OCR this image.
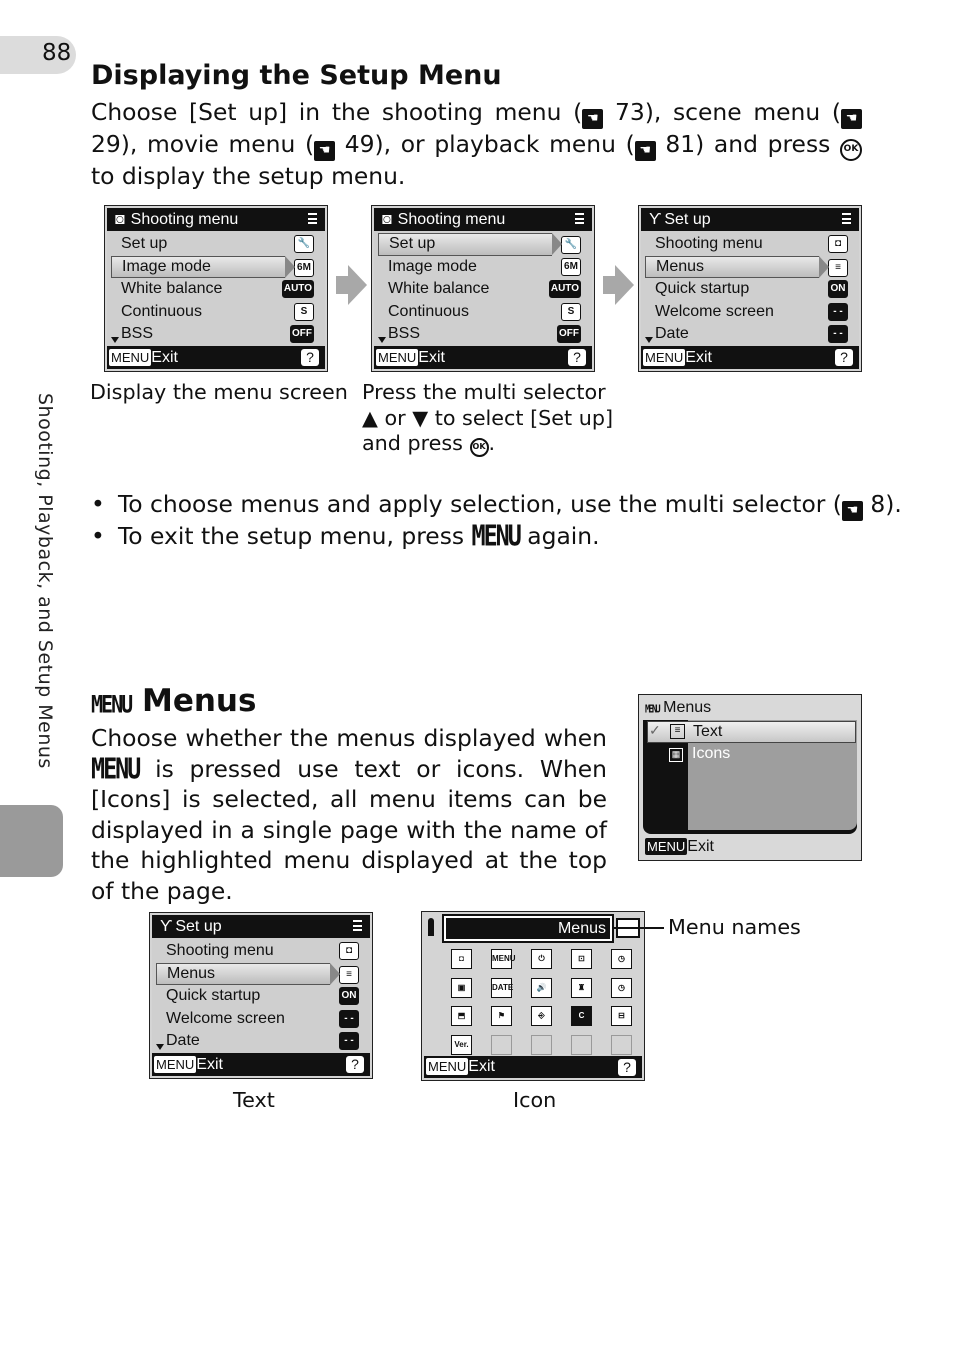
88
Shooting, Playback, and Setup Menus
Displaying the Setup Menu

Choose [Set up] in the shooting menu ( ☚ 73), scene menu ( ☚ 29), movie menu ( ☚ 49), or playback menu ( ☚ 81) and press OK to display the setup menu.

◙ Shooting menu
Set up	🔧
Image mode	6M
White balance	AUTO
Continuous	S
BSS	OFF
MENU Exit	?
◙ Shooting menu
Set up	🔧
Image mode	6M
White balance	AUTO
Continuous	S
BSS	OFF
MENU Exit	?
ϒ Set up
Shooting menu	◘
Menus	≡
Quick startup	ON
Welcome screen	- -
Date	- -
MENU Exit	?
Display the menu screen Press the multi selector
▲ or ▼ to select [Set up]
and press OK .
• To choose menus and apply selection, use the multi selector ( ☚ 8).
• To exit the setup menu, press MENU again.
MENU Menus

Choose whether the menus displayed when MENU is pressed use text or icons. When [Icons] is selected, all menu items can be displayed in a single page with the name of the highlighted menu displayed at the top of the page.

MENU Menus
✓	≡ Text
▦ Icons
MENU Exit
ϒ Set up
Shooting menu	◘
Menus	≡
Quick startup	ON
Welcome screen	- -
Date	- -
MENU Exit	?
Menus
◘	MENU	⏻	⊡	◷
▣	DATE	🔊	♜	◷
⬒	⚑	⎆	C	⊟
Ver.
MENU Exit	?
Menu names
Text	Icon
